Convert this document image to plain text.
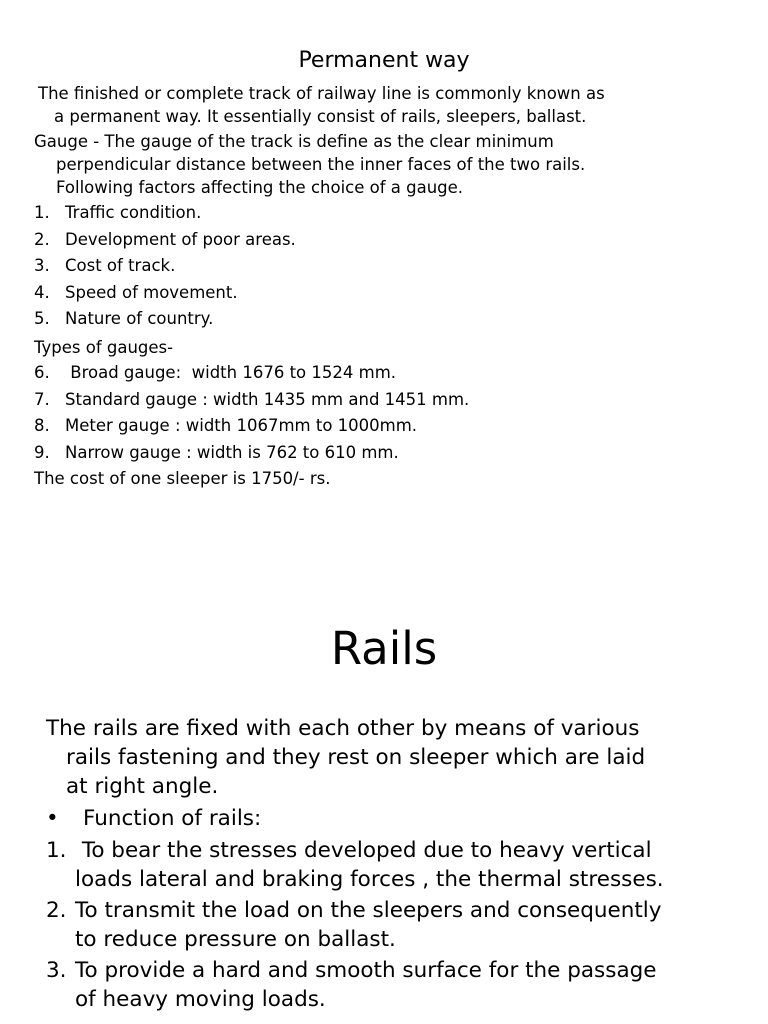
Permanent way
The finished or complete track of railway line is commonly known as
a permanent way. It essentially consist of rails, sleepers, ballast.
Gauge - The gauge of the track is define as the clear minimum
perpendicular distance between the inner faces of the two rails.
Following factors affecting the choice of a gauge.
1. Traffic condition.
2. Development of poor areas.
3. Cost of track.
4. Speed of movement.
5. Nature of country.
Types of gauges-
6. Broad gauge:  width 1676 to 1524 mm.
7. Standard gauge : width 1435 mm and 1451 mm.
8. Meter gauge : width 1067mm to 1000mm.
9. Narrow gauge : width is 762 to 610 mm.
The cost of one sleeper is 1750/- rs.
Rails
The rails are fixed with each other by means of various
rails fastening and they rest on sleeper which are laid
at right angle.
• Function of rails:
1. To bear the stresses developed due to heavy vertical
loads lateral and braking forces , the thermal stresses.
2. To transmit the load on the sleepers and consequently
to reduce pressure on ballast.
3. To provide a hard and smooth surface for the passage
of heavy moving loads.
